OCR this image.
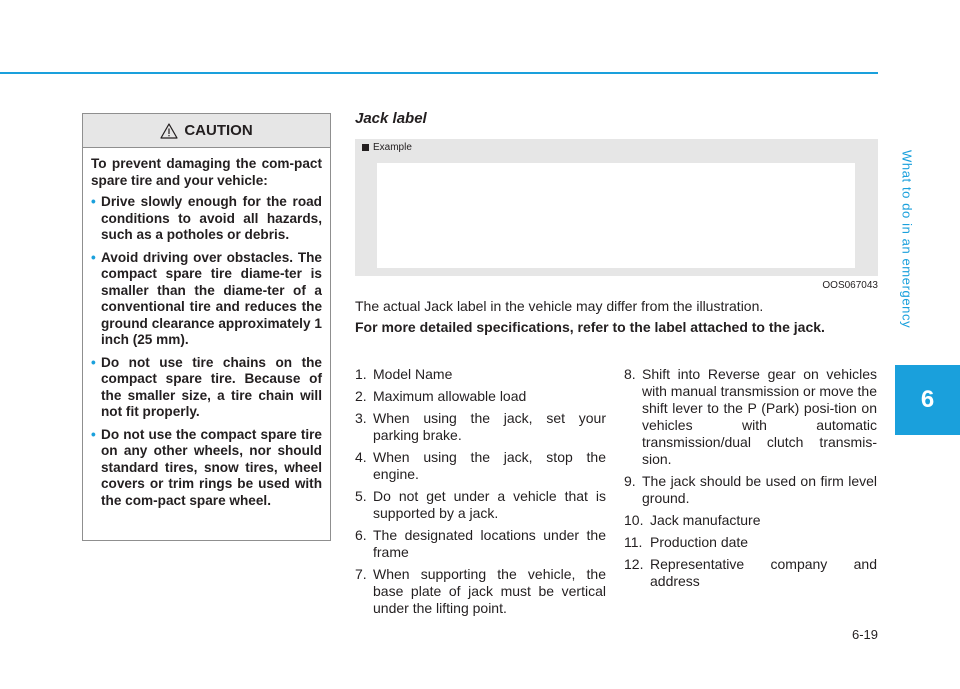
What to do in an emergency
6
CAUTION

To prevent damaging the com-pact spare tire and your vehicle:

• Drive slowly enough for the road conditions to avoid all hazards, such as a potholes or debris.
• Avoid driving over obstacles. The compact spare tire diame-ter is smaller than the diame-ter of a conventional tire and reduces the ground clearance approximately 1 inch (25 mm).
• Do not use tire chains on the compact spare tire. Because of the smaller size, a tire chain will not fit properly.
• Do not use the compact spare tire on any other wheels, nor should standard tires, snow tires, wheel covers or trim rings be used with the com-pact spare wheel.
Jack label
Example
OOS067043
The actual Jack label in the vehicle may differ from the illustration.
For more detailed specifications, refer to the label attached to the jack.
1. Model Name
2. Maximum allowable load
3. When using the jack, set your parking brake.
4. When using the jack, stop the engine.
5. Do not get under a vehicle that is supported by a jack.
6. The designated locations under the frame
7. When supporting the vehicle, the base plate of jack must be vertical under the lifting point.
8. Shift into Reverse gear on vehicles with manual transmission or move the shift lever to the P (Park) posi-tion on vehicles with automatic transmission/dual clutch transmis-sion.
9. The jack should be used on firm level ground.
10. Jack manufacture
11. Production date
12. Representative company and address
6-19
